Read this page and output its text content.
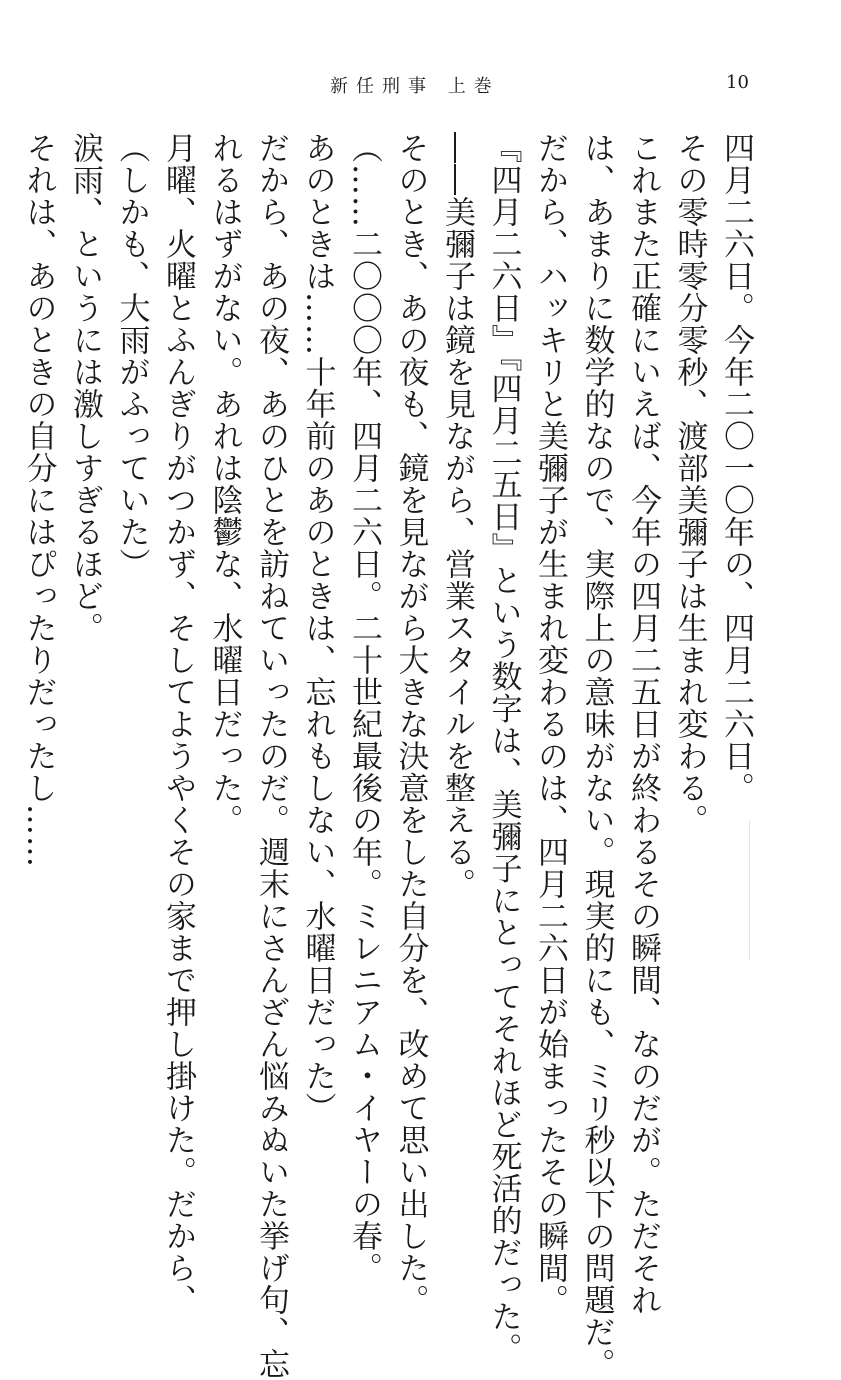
新任刑事 上巻	10
四月二六日。今年二〇一〇年の、四月二六日。
その零時零分零秒、渡部美彌子は生まれ変わる。
これまた正確にいえば、今年の四月二五日が終わるその瞬間、なのだが。ただそれ
は、あまりに数学的なので、実際上の意味がない。現実的にも、ミリ秒以下の問題だ。
だから、ハッキリと美彌子が生まれ変わるのは、四月二六日が始まったその瞬間。
『四月二六日』『四月二五日』という数字は、美彌子にとってそれほど死活的だった。
――美彌子は鏡を見ながら、営業スタイルを整える。
そのとき、あの夜も、鏡を見ながら大きな決意をした自分を、改めて思い出した。
（……二〇〇〇年、四月二六日。二十世紀最後の年。ミレニアム・イヤーの春。
あのときは……十年前のあのときは、忘れもしない、水曜日だった）
だから、あの夜、あのひとを訪ねていったのだ。週末にさんざん悩みぬいた挙げ句、忘
れるはずがない。あれは陰鬱な、水曜日だった。
月曜、火曜とふんぎりがつかず、そしてようやくその家まで押し掛けた。だから、
（しかも、大雨がふっていた）
涙雨、というには激しすぎるほど。
それは、あのときの自分にはぴったりだったし……
